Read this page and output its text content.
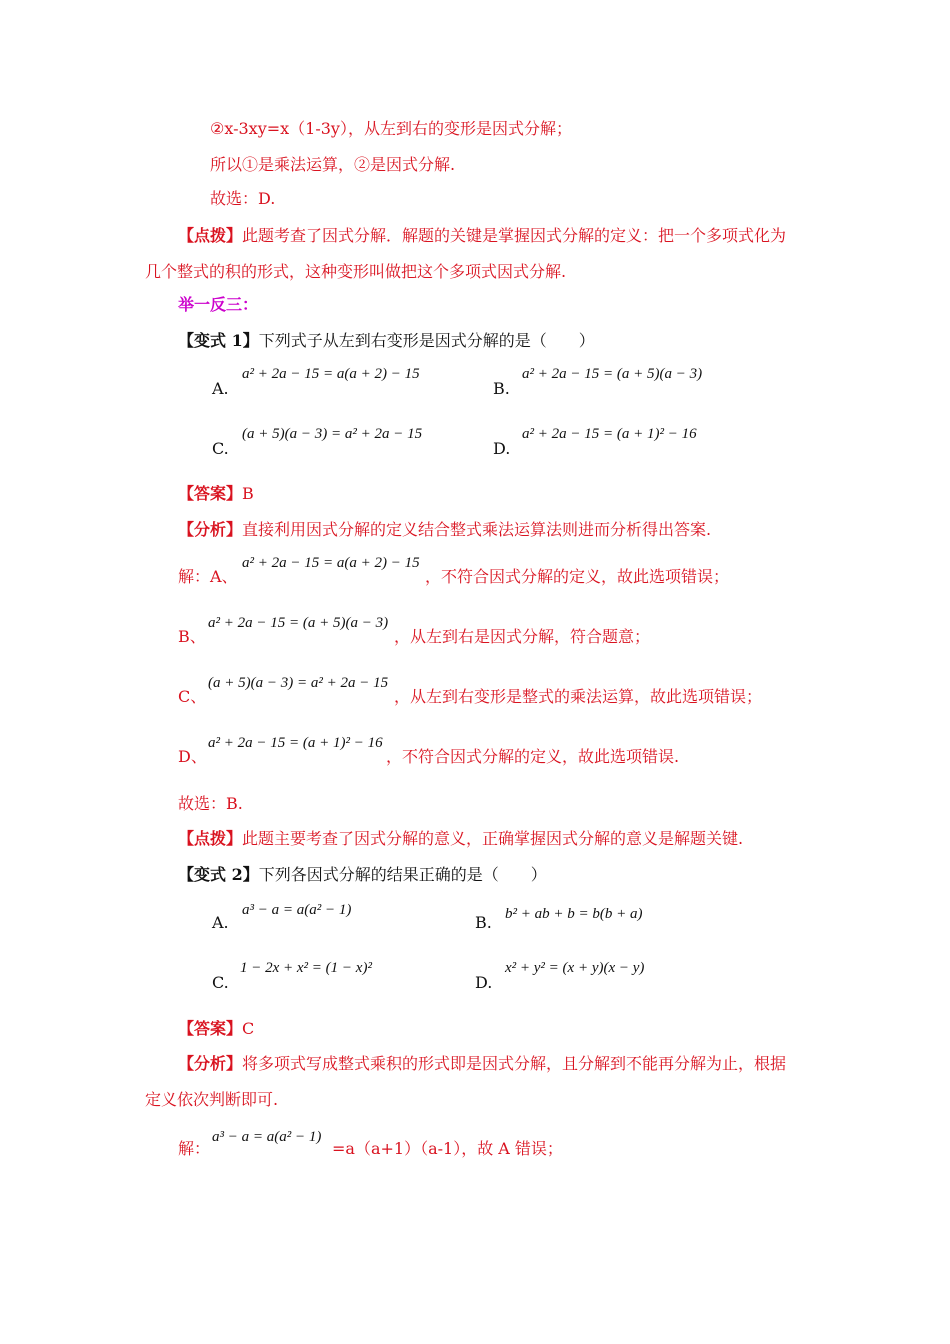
②x-3xy=x（1-3y），从左到右的变形是因式分解；
所以①是乘法运算，②是因式分解.
故选：D.
【点拨】此题考查了因式分解．解题的关键是掌握因式分解的定义：把一个多项式化为几个整式的积的形式，这种变形叫做把这个多项式因式分解.
举一反三：
【变式 1】下列式子从左到右变形是因式分解的是（　　）
A.
a² + 2a − 15 = a(a + 2) − 15
B.
a² + 2a − 15 = (a + 5)(a − 3)
C.
(a + 5)(a − 3) = a² + 2a − 15
D.
a² + 2a − 15 = (a + 1)² − 16
【答案】B
【分析】直接利用因式分解的定义结合整式乘法运算法则进而分析得出答案.
解：A、
a² + 2a − 15 = a(a + 2) − 15
，不符合因式分解的定义，故此选项错误；
B、
a² + 2a − 15 = (a + 5)(a − 3)
，从左到右是因式分解，符合题意；
C、
(a + 5)(a − 3) = a² + 2a − 15
，从左到右变形是整式的乘法运算，故此选项错误；
D、
a² + 2a − 15 = (a + 1)² − 16
，不符合因式分解的定义，故此选项错误.
故选：B.
【点拨】此题主要考查了因式分解的意义，正确掌握因式分解的意义是解题关键.
【变式 2】下列各因式分解的结果正确的是（　　）
A.
a³ − a = a(a² − 1)
B. b² + ab + b = b(b + a)
C.
1 − 2x + x² = (1 − x)²
D.
x² + y² = (x + y)(x − y)
【答案】C
【分析】将多项式写成整式乘积的形式即是因式分解，且分解到不能再分解为止，根据定义依次判断即可.
解：
a³ − a = a(a² − 1)
=a（a+1）（a-1），故 A 错误；
